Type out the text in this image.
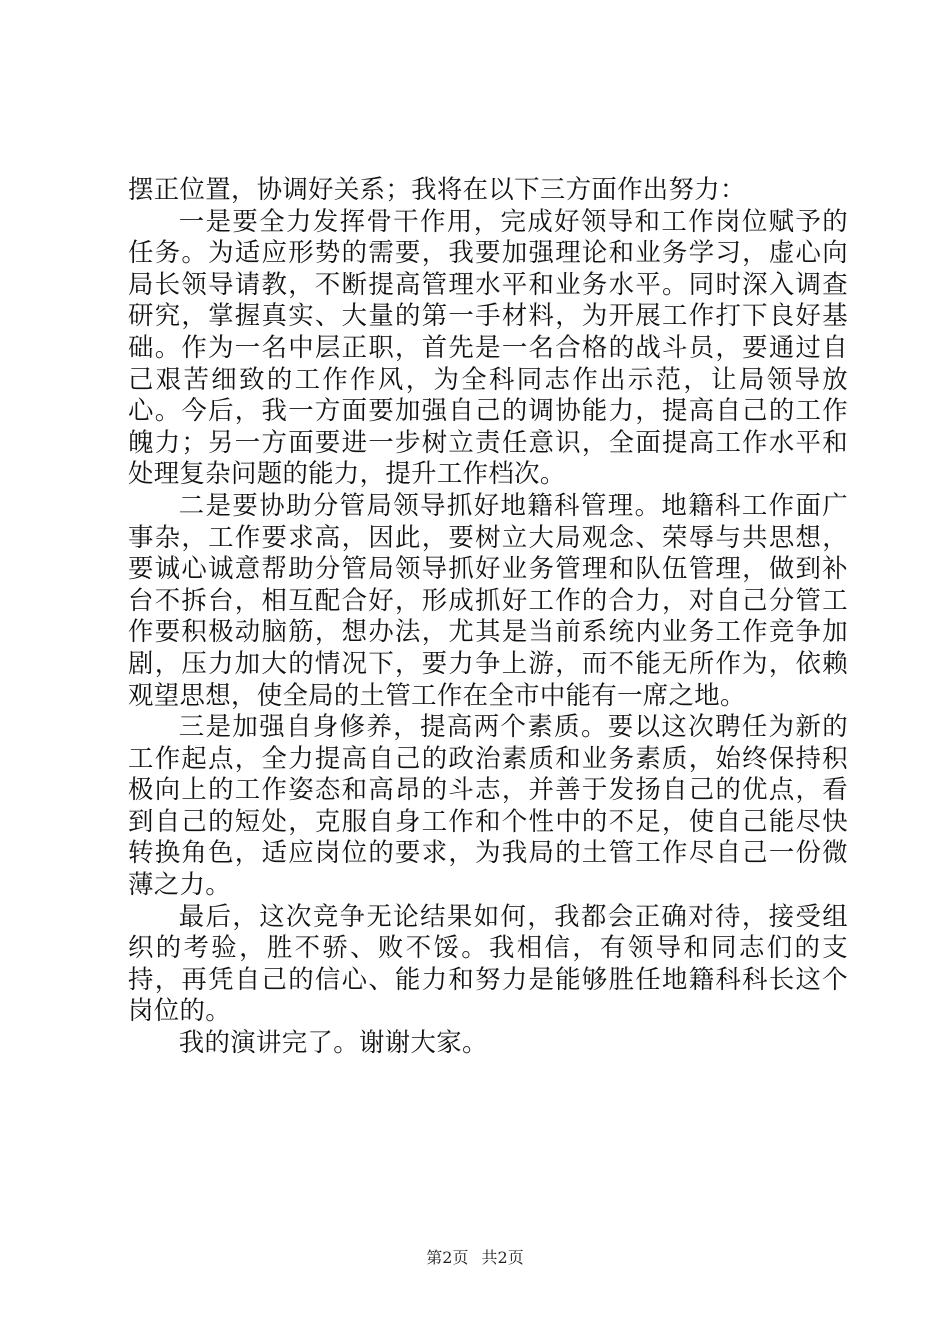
摆正位置，协调好关系；我将在以下三方面作出努力：

一是要全力发挥骨干作用，完成好领导和工作岗位赋予的任务。为适应形势的需要，我要加强理论和业务学习，虚心向局长领导请教，不断提高管理水平和业务水平。同时深入调查研究，掌握真实、大量的第一手材料，为开展工作打下良好基础。作为一名中层正职，首先是一名合格的战斗员，要通过自己艰苦细致的工作作风，为全科同志作出示范，让局领导放心。今后，我一方面要加强自己的调协能力，提高自己的工作魄力；另一方面要进一步树立责任意识，全面提高工作水平和处理复杂问题的能力，提升工作档次。

二是要协助分管局领导抓好地籍科管理。地籍科工作面广事杂，工作要求高，因此，要树立大局观念、荣辱与共思想，要诚心诚意帮助分管局领导抓好业务管理和队伍管理，做到补台不拆台，相互配合好，形成抓好工作的合力，对自己分管工作要积极动脑筋，想办法，尤其是当前系统内业务工作竞争加剧，压力加大的情况下，要力争上游，而不能无所作为，依赖观望思想，使全局的土管工作在全市中能有一席之地。

三是加强自身修养，提高两个素质。要以这次聘任为新的工作起点，全力提高自己的政治素质和业务素质，始终保持积极向上的工作姿态和高昂的斗志，并善于发扬自己的优点，看到自己的短处，克服自身工作和个性中的不足，使自己能尽快转换角色，适应岗位的要求，为我局的土管工作尽自己一份微薄之力。

最后，这次竞争无论结果如何，我都会正确对待，接受组织的考验，胜不骄、败不馁。我相信，有领导和同志们的支持，再凭自己的信心、能力和努力是能够胜任地籍科科长这个岗位的。

我的演讲完了。谢谢大家。

第2页 共2页
